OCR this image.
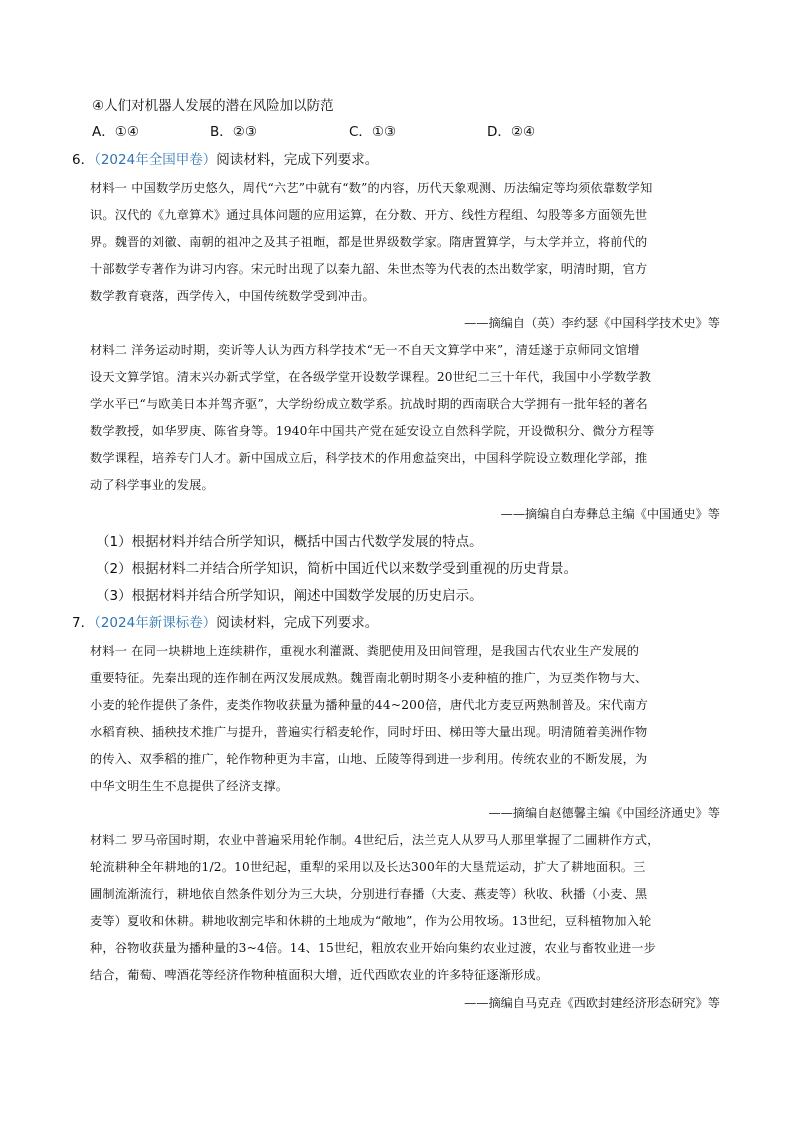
④人们对机器人发展的潜在风险加以防范
A．①④	B．②③	C．①③	D．②④
6．（2024年全国甲卷）阅读材料，完成下列要求。
材料一 中国数学历史悠久，周代“六艺”中就有“数”的内容，历代天象观测、历法编定等均须依靠数学知
识。汉代的《九章算术》通过具体问题的应用运算，在分数、开方、线性方程组、勾股等多方面领先世
界。魏晋的刘徽、南朝的祖冲之及其子祖暅，都是世界级数学家。隋唐置算学，与太学并立，将前代的
十部数学专著作为讲习内容。宋元时出现了以秦九韶、朱世杰等为代表的杰出数学家，明清时期，官方
数学教育衰落，西学传入，中国传统数学受到冲击。
——摘编自（英）李约瑟《中国科学技术史》等
材料二 洋务运动时期，奕䜣等人认为西方科学技术“无一不自天文算学中来”，清廷遂于京师同文馆增
设天文算学馆。清末兴办新式学堂，在各级学堂开设数学课程。20世纪二三十年代，我国中小学数学教
学水平已“与欧美日本并驾齐驱”，大学纷纷成立数学系。抗战时期的西南联合大学拥有一批年轻的著名
数学教授，如华罗庚、陈省身等。1940年中国共产党在延安设立自然科学院，开设微积分、微分方程等
数学课程，培养专门人才。新中国成立后，科学技术的作用愈益突出，中国科学院设立数理化学部，推
动了科学事业的发展。
——摘编自白寿彝总主编《中国通史》等
（1）根据材料并结合所学知识，概括中国古代数学发展的特点。
（2）根据材料二并结合所学知识，简析中国近代以来数学受到重视的历史背景。
（3）根据材料并结合所学知识，阐述中国数学发展的历史启示。
7．（2024年新课标卷）阅读材料，完成下列要求。
材料一 在同一块耕地上连续耕作，重视水利灌溉、粪肥使用及田间管理，是我国古代农业生产发展的
重要特征。先秦出现的连作制在两汉发展成熟。魏晋南北朝时期冬小麦种植的推广，为豆类作物与大、
小麦的轮作提供了条件，麦类作物收获量为播种量的44~200倍，唐代北方麦豆两熟制普及。宋代南方
水稻育秧、插秧技术推广与提升，普遍实行稻麦轮作，同时圩田、梯田等大量出现。明清随着美洲作物
的传入、双季稻的推广，轮作物种更为丰富，山地、丘陵等得到进一步利用。传统农业的不断发展，为
中华文明生生不息提供了经济支撑。
——摘编自赵德馨主编《中国经济通史》等
材料二 罗马帝国时期，农业中普遍采用轮作制。4世纪后，法兰克人从罗马人那里掌握了二圃耕作方式，
轮流耕种全年耕地的1/2。10世纪起，重犁的采用以及长达300年的大垦荒运动，扩大了耕地面积。三
圃制流渐流行，耕地依自然条件划分为三大块，分别进行春播（大麦、燕麦等）秋收、秋播（小麦、黑
麦等）夏收和休耕。耕地收割完毕和休耕的土地成为“敞地”，作为公用牧场。13世纪，豆科植物加入轮
种，谷物收获量为播种量的3~4倍。14、15世纪，粗放农业开始向集约农业过渡，农业与畜牧业进一步
结合，葡萄、啤酒花等经济作物种植面积大增，近代西欧农业的许多特征逐渐形成。
——摘编自马克垚《西欧封建经济形态研究》等
